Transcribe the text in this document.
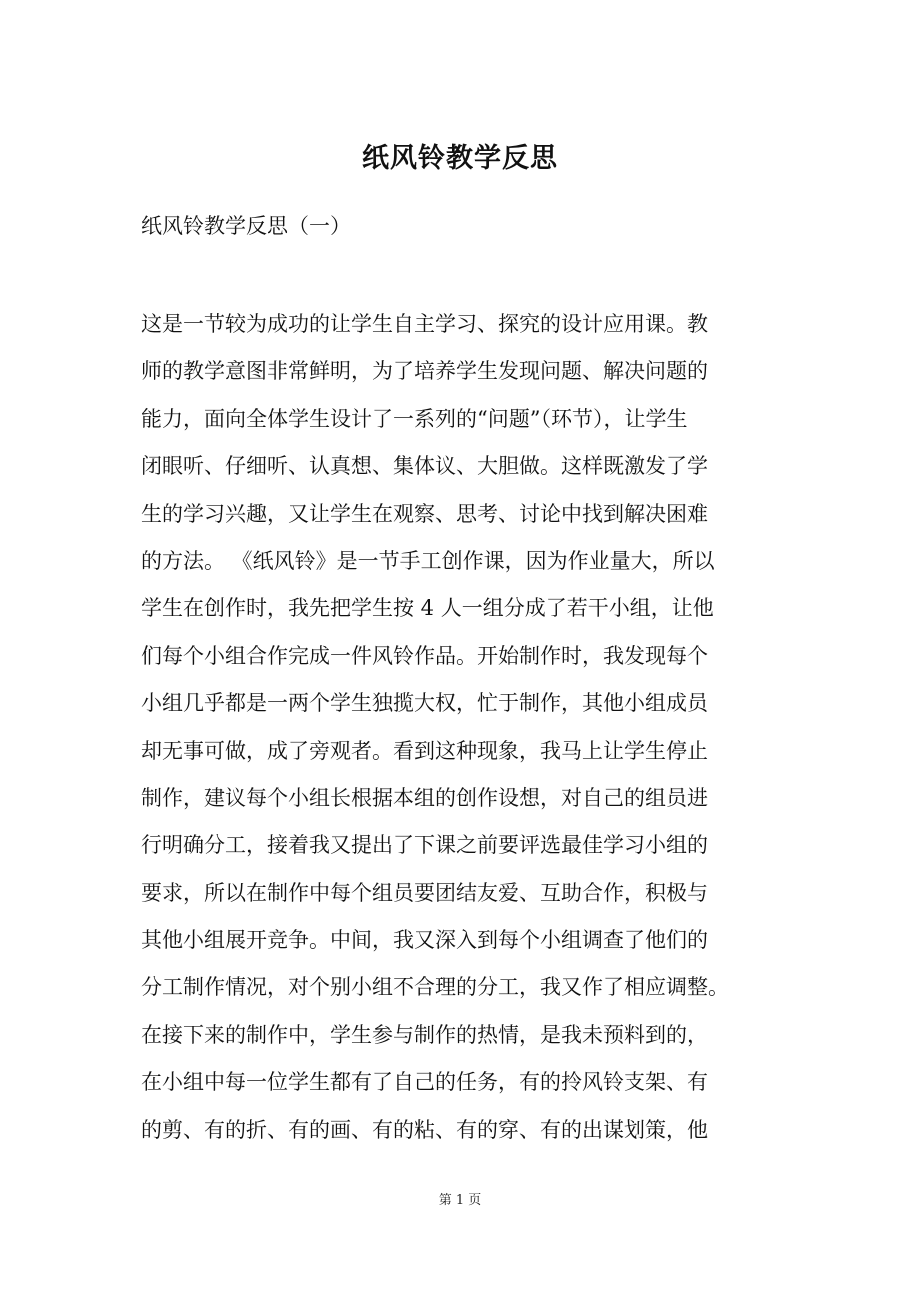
纸风铃教学反思
纸风铃教学反思（一）
这是一节较为成功的让学生自主学习、探究的设计应用课。教
师的教学意图非常鲜明，为了培养学生发现问题、解决问题的
能力，面向全体学生设计了一系列的“问题”（环节），让学生
闭眼听、仔细听、认真想、集体议、大胆做。这样既激发了学
生的学习兴趣，又让学生在观察、思考、讨论中找到解决困难
的方法。 《纸风铃》是一节手工创作课，因为作业量大，所以
学生在创作时，我先把学生按 4 人一组分成了若干小组，让他
们每个小组合作完成一件风铃作品。开始制作时，我发现每个
小组几乎都是一两个学生独揽大权，忙于制作，其他小组成员
却无事可做，成了旁观者。看到这种现象，我马上让学生停止
制作，建议每个小组长根据本组的创作设想，对自己的组员进
行明确分工，接着我又提出了下课之前要评选最佳学习小组的
要求，所以在制作中每个组员要团结友爱、互助合作，积极与
其他小组展开竞争。中间，我又深入到每个小组调查了他们的
分工制作情况，对个别小组不合理的分工，我又作了相应调整。
在接下来的制作中，学生参与制作的热情，是我未预料到的，
在小组中每一位学生都有了自己的任务，有的拎风铃支架、有
的剪、有的折、有的画、有的粘、有的穿、有的出谋划策，他
第 1 页
